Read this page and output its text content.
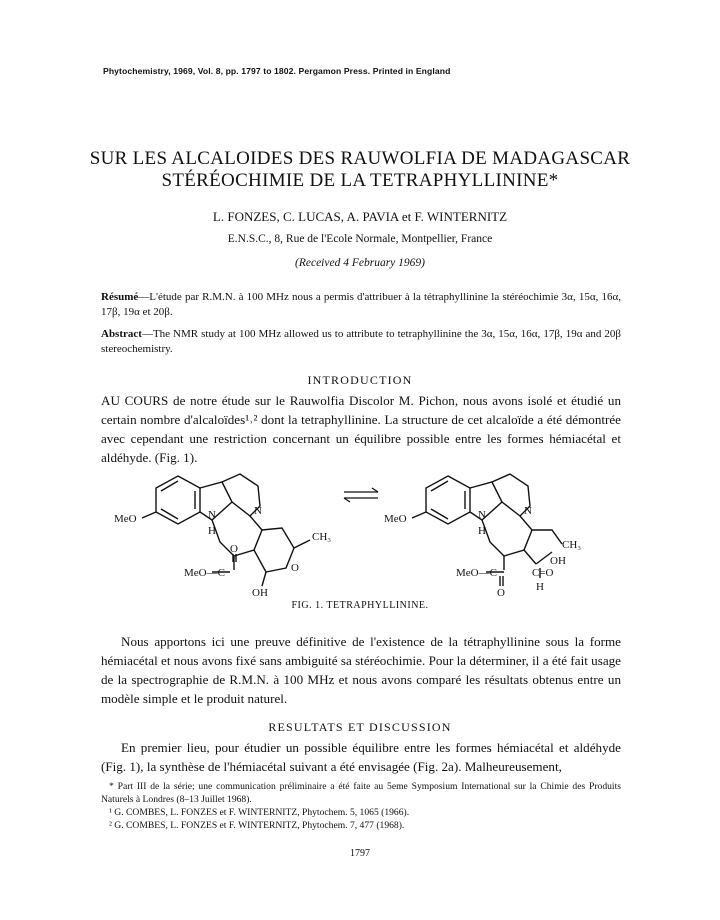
Phytochemistry, 1969, Vol. 8, pp. 1797 to 1802. Pergamon Press. Printed in England
SUR LES ALCALOIDES DES RAUWOLFIA DE MADAGASCAR
STÉRÉOCHIMIE DE LA TETRAPHYLLININE*
L. FONZES, C. LUCAS, A. PAVIA et F. WINTERNITZ
E.N.S.C., 8, Rue de l'Ecole Normale, Montpellier, France
(Received 4 February 1969)
Résumé—L'étude par R.M.N. à 100 MHz nous a permis d'attribuer à la tétraphyllinine la stéréochimie 3α, 15α, 16α, 17β, 19α et 20β.
Abstract—The NMR study at 100 MHz allowed us to attribute to tetraphyllinine the 3α, 15α, 16α, 17β, 19α and 20β stereochemistry.
INTRODUCTION
AU COURS de notre étude sur le Rauwolfia Discolor M. Pichon, nous avons isolé et étudié un certain nombre d'alcaloïdes¹˒² dont la tetraphyllinine. La structure de cet alcaloïde a été démontrée avec cependant une restriction concernant un équilibre possible entre les formes hémiacétal et aldéhyde. (Fig. 1).
MeO
N
N
H	CH₃
O
O
MeO—C
OH
MeO
N
N
H
CH₃
OH
MeO—C	C=O
O	H
FIG. 1. TETRAPHYLLININE.
Nous apportons ici une preuve définitive de l'existence de la tétraphyllinine sous la forme hémiacétal et nous avons fixé sans ambiguité sa stéréochimie. Pour la déterminer, il a été fait usage de la spectrographie de R.M.N. à 100 MHz et nous avons comparé les résultats obtenus entre un modèle simple et le produit naturel.
RESULTATS ET DISCUSSION
En premier lieu, pour étudier un possible équilibre entre les formes hémiacétal et aldéhyde (Fig. 1), la synthèse de l'hémiacétal suivant a été envisagée (Fig. 2a). Malheureusement,
* Part III de la série; une communication préliminaire a été faite au 5eme Symposium International sur la Chimie des Produits Naturels à Londres (8–13 Juillet 1968).
¹ G. COMBES, L. FONZES et F. WINTERNITZ, Phytochem. 5, 1065 (1966).
² G. COMBES, L. FONZES et F. WINTERNITZ, Phytochem. 7, 477 (1968).
1797
